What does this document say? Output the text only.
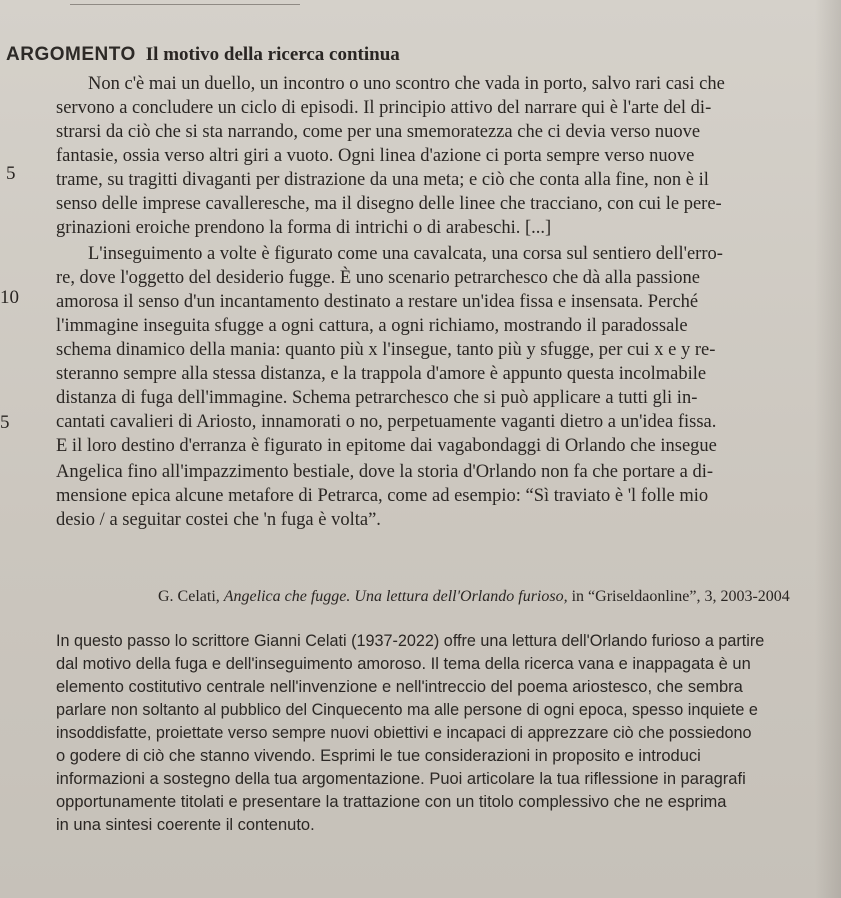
ARGOMENTO Il motivo della ricerca continua
Non c'è mai un duello, un incontro o uno scontro che vada in porto, salvo rari casi che
servono a concludere un ciclo di episodi. Il principio attivo del narrare qui è l'arte del di-
strarsi da ciò che si sta narrando, come per una smemoratezza che ci devia verso nuove
fantasie, ossia verso altri giri a vuoto. Ogni linea d'azione ci porta sempre verso nuove
5 trame, su tragitti divaganti per distrazione da una meta; e ciò che conta alla fine, non è il
senso delle imprese cavalleresche, ma il disegno delle linee che tracciano, con cui le pere-
grinazioni eroiche prendono la forma di intrichi o di arabeschi. [...]
L'inseguimento a volte è figurato come una cavalcata, una corsa sul sentiero dell'erro-
re, dove l'oggetto del desiderio fugge. È uno scenario petrarchesco che dà alla passione
10 amorosa il senso d'un incantamento destinato a restare un'idea fissa e insensata. Perché
l'immagine inseguita sfugge a ogni cattura, a ogni richiamo, mostrando il paradossale
schema dinamico della mania: quanto più x l'insegue, tanto più y sfugge, per cui x e y re-
steranno sempre alla stessa distanza, e la trappola d'amore è appunto questa incolmabile
distanza di fuga dell'immagine. Schema petrarchesco che si può applicare a tutti gli in-
5	cantati cavalieri di Ariosto, innamorati o no, perpetuamente vaganti dietro a un'idea fissa.
E il loro destino d'erranza è figurato in epitome dai vagabondaggi di Orlando che insegue
Angelica fino all'impazzimento bestiale, dove la storia d'Orlando non fa che portare a di-
mensione epica alcune metafore di Petrarca, come ad esempio: “Sì traviato è 'l folle mio
desio / a seguitar costei che 'n fuga è volta”.
G. Celati, Angelica che fugge. Una lettura dell'Orlando furioso, in “Griseldaonline”, 3, 2003-2004
In questo passo lo scrittore Gianni Celati (1937-2022) offre una lettura dell'Orlando furioso a partire
dal motivo della fuga e dell'inseguimento amoroso. Il tema della ricerca vana e inappagata è un
elemento costitutivo centrale nell'invenzione e nell'intreccio del poema ariostesco, che sembra
parlare non soltanto al pubblico del Cinquecento ma alle persone di ogni epoca, spesso inquiete e
insoddisfatte, proiettate verso sempre nuovi obiettivi e incapaci di apprezzare ciò che possiedono
o godere di ciò che stanno vivendo. Esprimi le tue considerazioni in proposito e introduci
informazioni a sostegno della tua argomentazione. Puoi articolare la tua riflessione in paragrafi
opportunamente titolati e presentare la trattazione con un titolo complessivo che ne esprima
in una sintesi coerente il contenuto.
